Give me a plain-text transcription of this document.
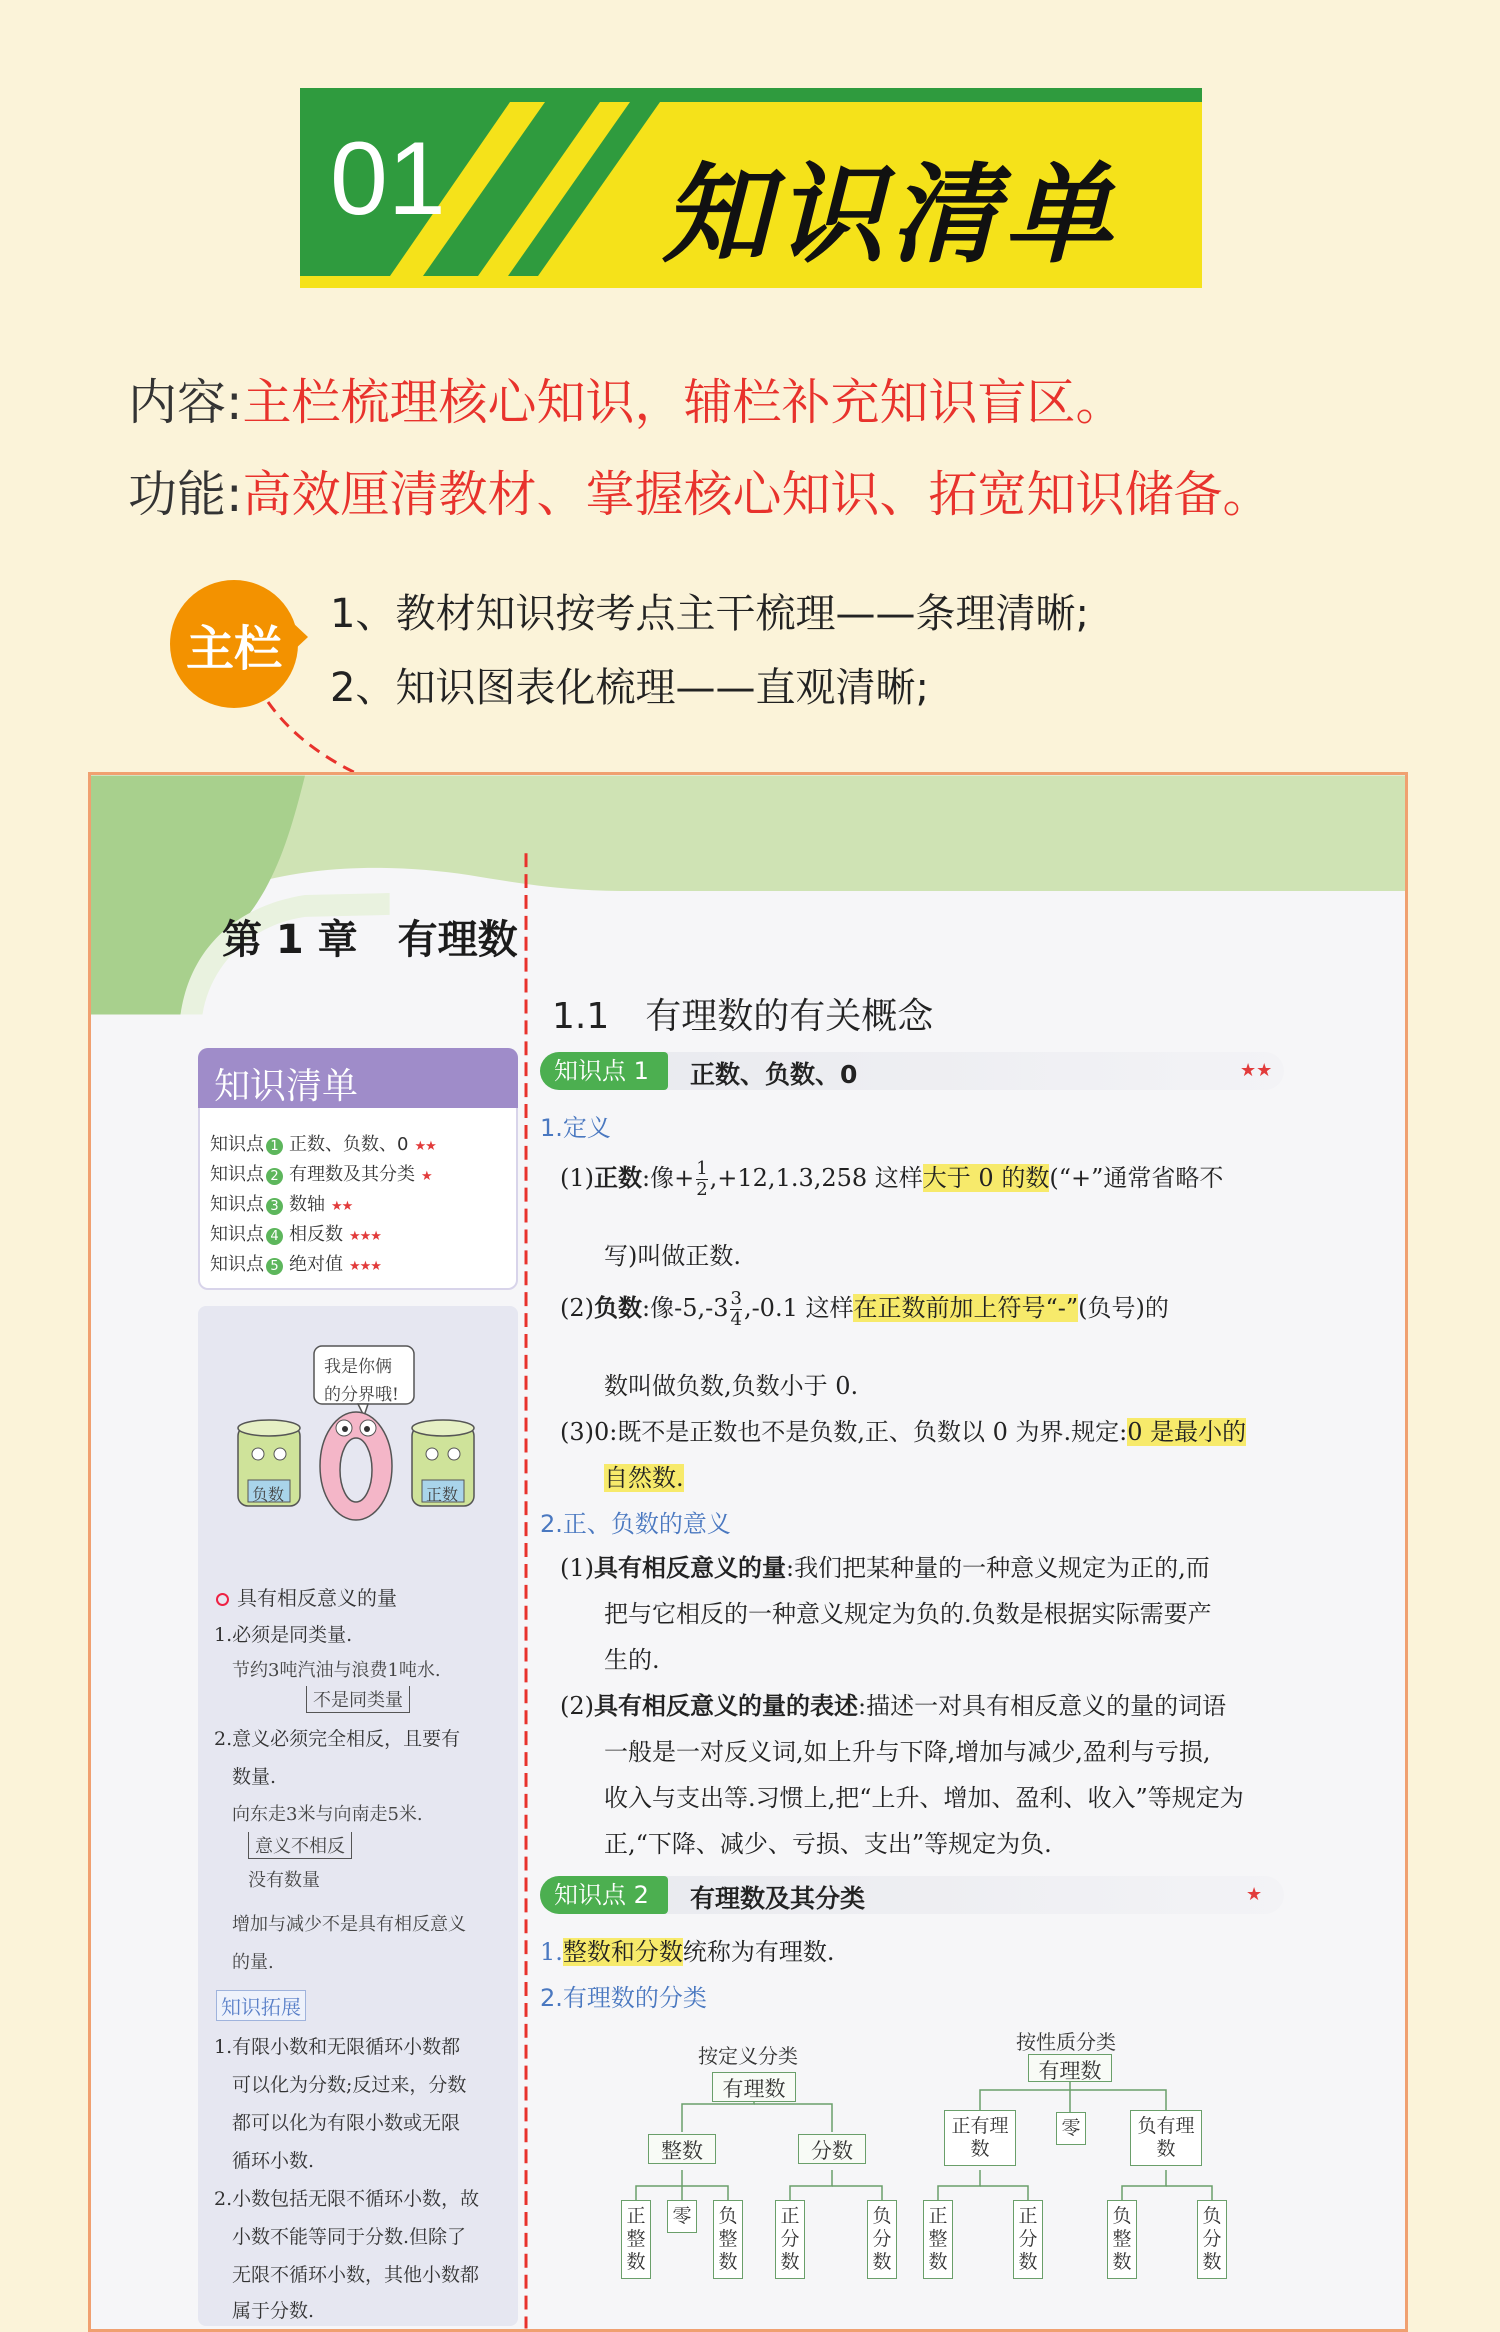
01	知识清单
内容:主栏梳理核心知识，辅栏补充知识盲区。
功能:高效厘清教材、掌握核心知识、拓宽知识储备。
主栏
1、教材知识按考点主干梳理——条理清晰;
2、知识图表化梳理——直观清晰;
第 1 章　有理数
1.1　有理数的有关概念
知识清单
知识点 1 正数、负数、0 ★★
知识点 2 有理数及其分类 ★
知识点 3 数轴 ★★
知识点 4 相反数 ★★★
知识点 5 绝对值 ★★★
我是你俩
的分界哦!
负数	正数
具有相反意义的量
1.必须是同类量.
节约3吨汽油与浪费1吨水.
不是同类量
2.意义必须完全相反，且要有
数量.
向东走3米与向南走5米.
意义不相反
没有数量
增加与减少不是具有相反意义
的量.
知识拓展
1.有限小数和无限循环小数都
可以化为分数;反过来，分数
都可以化为有限小数或无限
循环小数.
2.小数包括无限不循环小数，故
小数不能等同于分数.但除了
无限不循环小数，其他小数都
属于分数.
知识点 1	正数、负数、0	★★
1.定义
(1)正数:像+ $\frac{1}{2} ,+12,1.3,258$ 这样大于 0 的数(“+”通常省略不
写)叫做正数.
(2)负数:像$-5,-3 \frac{3}{4} ,-0.1$ 这样在正数前加上符号“-”(负号)的
数叫做负数,负数小于 0.
(3)0:既不是正数也不是负数,正、负数以 0 为界.规定:0 是最小的
自然数.
2.正、负数的意义
(1)具有相反意义的量:我们把某种量的一种意义规定为正的,而
把与它相反的一种意义规定为负的.负数是根据实际需要产
生的.
(2)具有相反意义的量的表述:描述一对具有相反意义的量的词语
一般是一对反义词,如上升与下降,增加与减少,盈利与亏损,
收入与支出等.习惯上,把“上升、增加、盈利、收入”等规定为
正,“下降、减少、亏损、支出”等规定为负.
知识点 2	有理数及其分类	★
1.整数和分数统称为有理数.
2.有理数的分类
按定义分类
有理数
整数	分数
正整数
零 负整数
正分数
负分数
按性质分类
有理数
正有理数
零	负有理数
正整数
正分数
负整数
负分数
